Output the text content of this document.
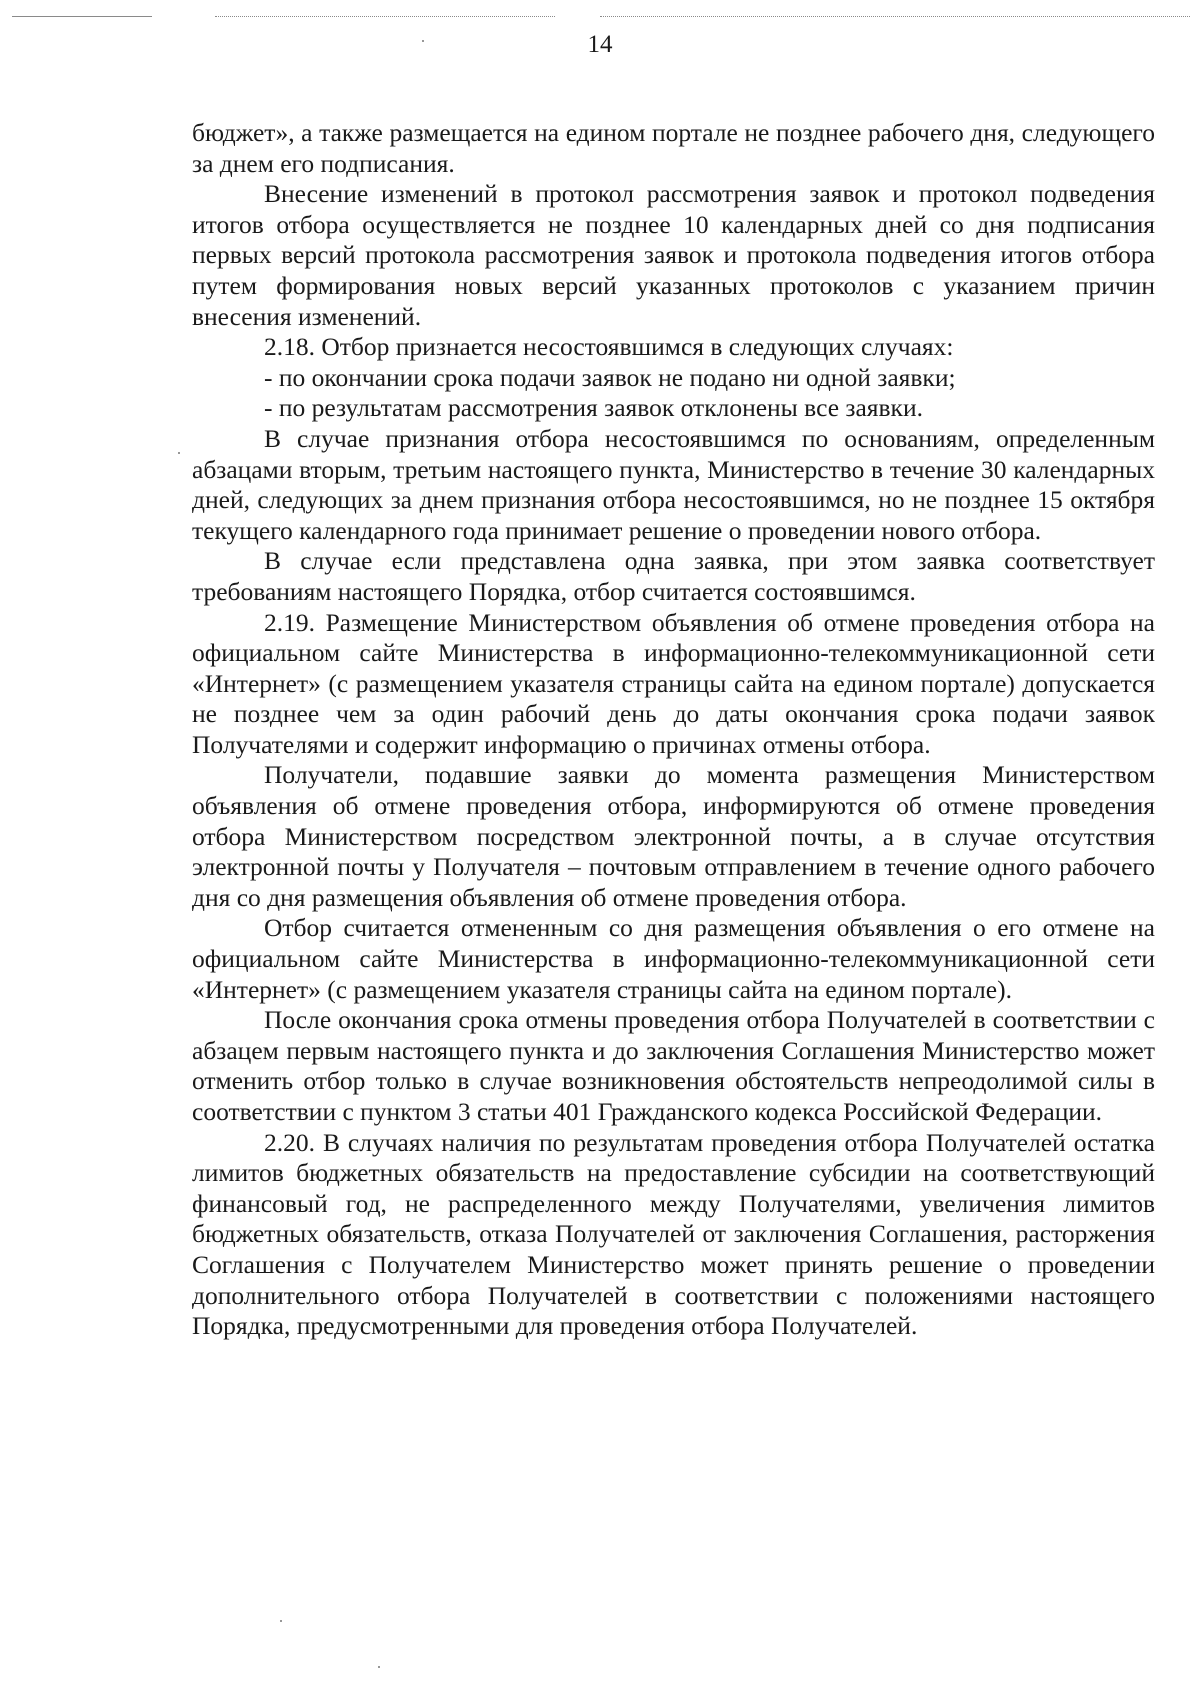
14

бюджет», а также размещается на едином портале не позднее рабочего дня, следующего за днем его подписания.

Внесение изменений в протокол рассмотрения заявок и протокол подведения итогов отбора осуществляется не позднее 10 календарных дней со дня подписания первых версий протокола рассмотрения заявок и протокола подведения итогов отбора путем формирования новых версий указанных протоколов с указанием причин внесения изменений.

2.18. Отбор признается несостоявшимся в следующих случаях:

- по окончании срока подачи заявок не подано ни одной заявки;

- по результатам рассмотрения заявок отклонены все заявки.

В случае признания отбора несостоявшимся по основаниям, определенным абзацами вторым, третьим настоящего пункта, Министерство в течение 30 календарных дней, следующих за днем признания отбора несостоявшимся, но не позднее 15 октября текущего календарного года принимает решение о проведении нового отбора.

В случае если представлена одна заявка, при этом заявка соответствует требованиям настоящего Порядка, отбор считается состоявшимся.

2.19. Размещение Министерством объявления об отмене проведения отбора на официальном сайте Министерства в информационно-телекоммуникационной сети «Интернет» (с размещением указателя страницы сайта на едином портале) допускается не позднее чем за один рабочий день до даты окончания срока подачи заявок Получателями и содержит информацию о причинах отмены отбора.

Получатели, подавшие заявки до момента размещения Министерством объявления об отмене проведения отбора, информируются об отмене проведения отбора Министерством посредством электронной почты, а в случае отсутствия электронной почты у Получателя – почтовым отправлением в течение одного рабочего дня со дня размещения объявления об отмене проведения отбора.

Отбор считается отмененным со дня размещения объявления о его отмене на официальном сайте Министерства в информационно-телекоммуникационной сети «Интернет» (с размещением указателя страницы сайта на едином портале).

После окончания срока отмены проведения отбора Получателей в соответствии с абзацем первым настоящего пункта и до заключения Соглашения Министерство может отменить отбор только в случае возникновения обстоятельств непреодолимой силы в соответствии с пунктом 3 статьи 401 Гражданского кодекса Российской Федерации.

2.20. В случаях наличия по результатам проведения отбора Получателей остатка лимитов бюджетных обязательств на предоставление субсидии на соответствующий финансовый год, не распределенного между Получателями, увеличения лимитов бюджетных обязательств, отказа Получателей от заключения Соглашения, расторжения Соглашения с Получателем Министерство может принять решение о проведении дополнительного отбора Получателей в соответствии с положениями настоящего Порядка, предусмотренными для проведения отбора Получателей.
